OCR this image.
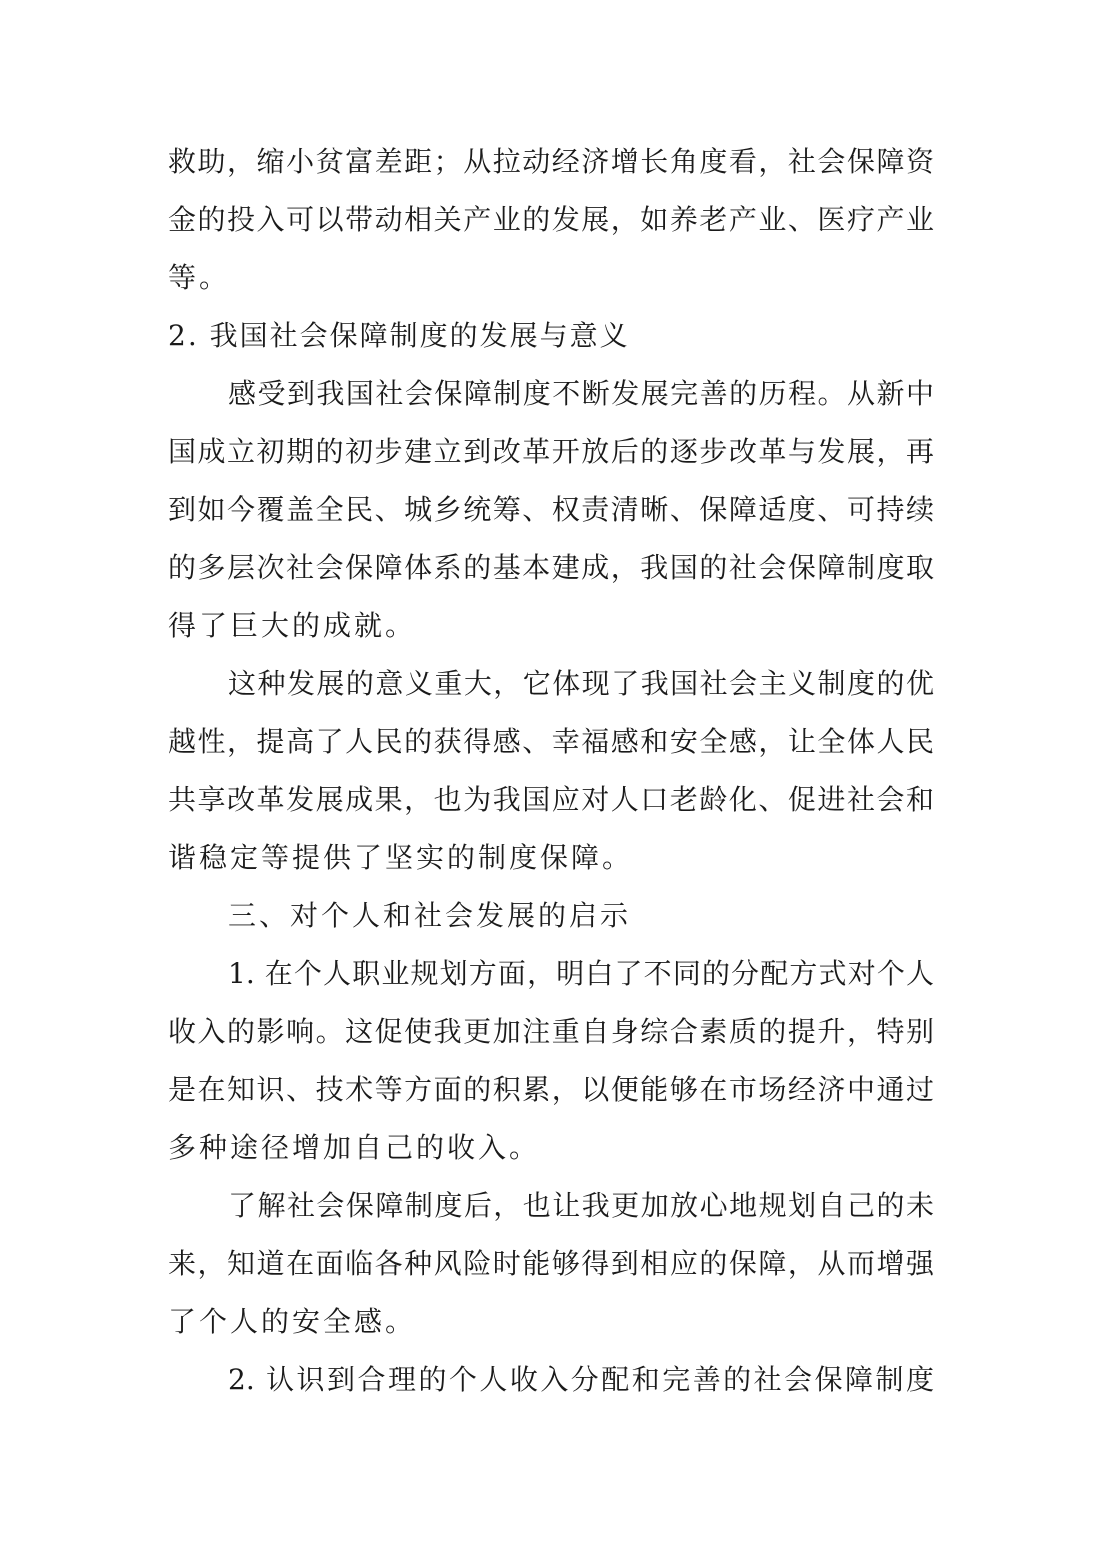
救助，缩小贫富差距；从拉动经济增长角度看，社会保障资
金的投入可以带动相关产业的发展，如养老产业、医疗产业
等。
2. 我国社会保障制度的发展与意义
感受到我国社会保障制度不断发展完善的历程。从新中
国成立初期的初步建立到改革开放后的逐步改革与发展，再
到如今覆盖全民、城乡统筹、权责清晰、保障适度、可持续
的多层次社会保障体系的基本建成，我国的社会保障制度取
得了巨大的成就。
这种发展的意义重大，它体现了我国社会主义制度的优
越性，提高了人民的获得感、幸福感和安全感，让全体人民
共享改革发展成果，也为我国应对人口老龄化、促进社会和
谐稳定等提供了坚实的制度保障。
三、对个人和社会发展的启示
1. 在个人职业规划方面，明白了不同的分配方式对个人
收入的影响。这促使我更加注重自身综合素质的提升，特别
是在知识、技术等方面的积累，以便能够在市场经济中通过
多种途径增加自己的收入。
了解社会保障制度后，也让我更加放心地规划自己的未
来，知道在面临各种风险时能够得到相应的保障，从而增强
了个人的安全感。
2. 认识到合理的个人收入分配和完善的社会保障制度
